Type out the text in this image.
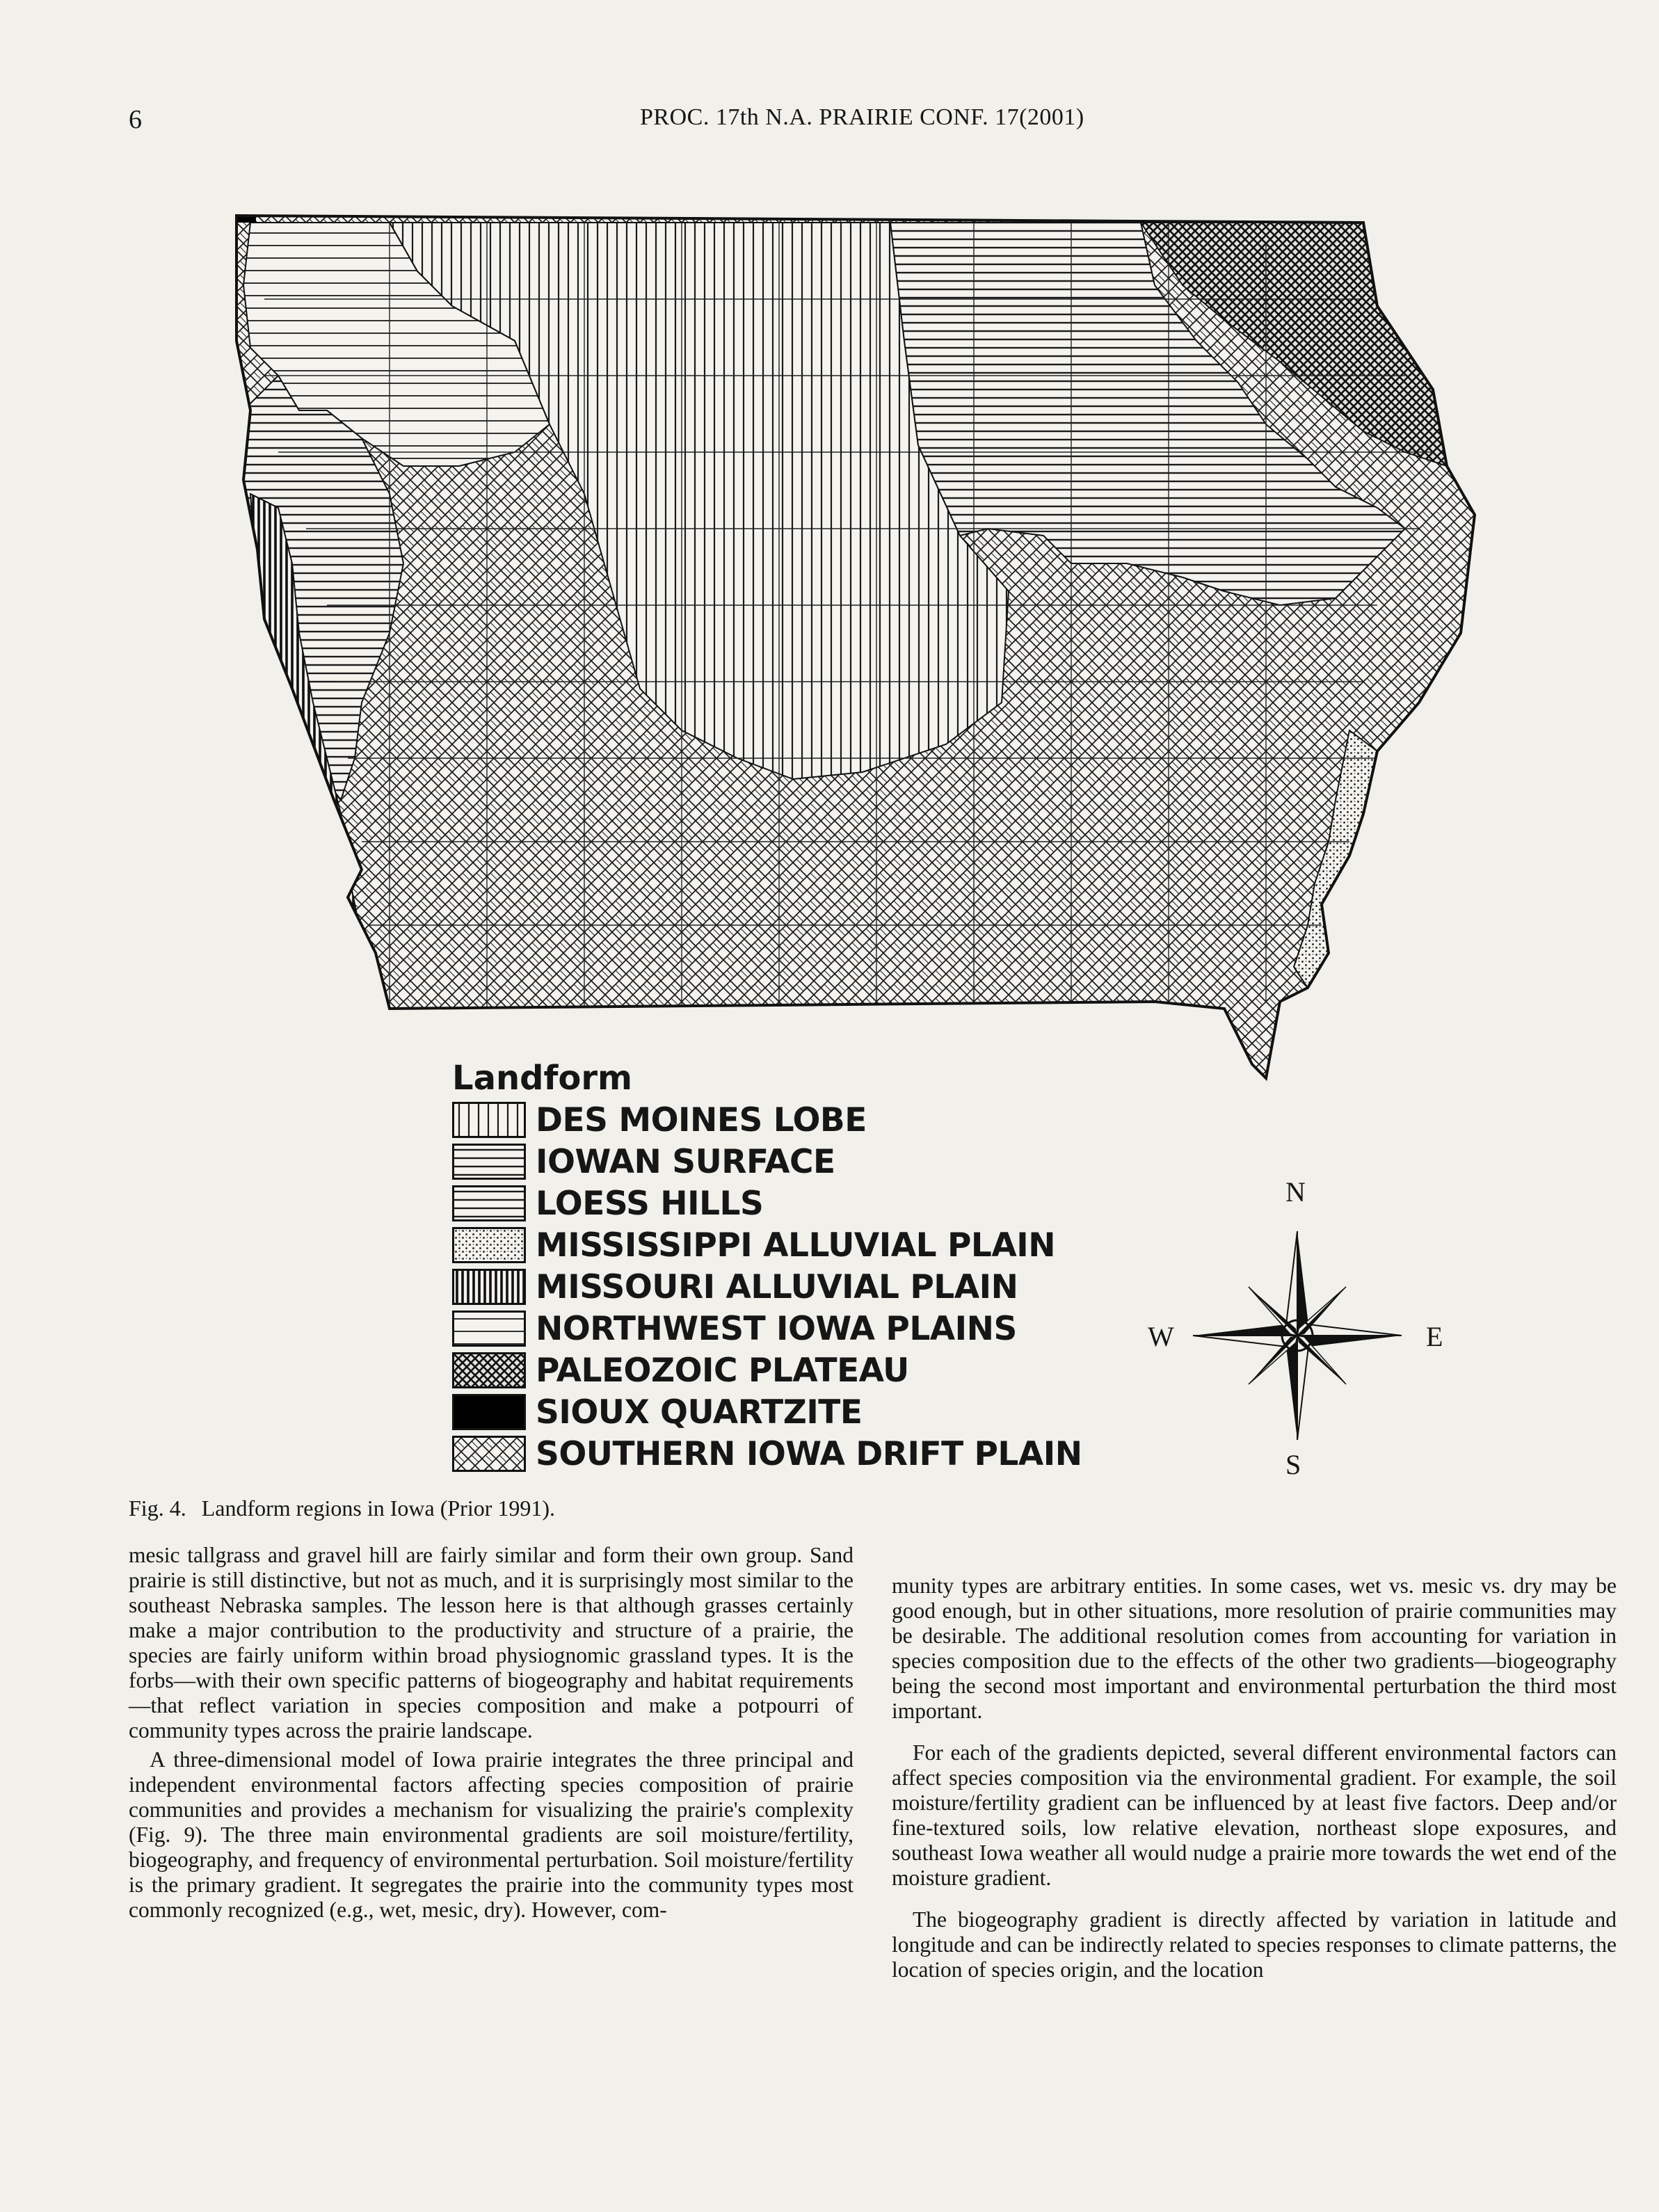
6	PROC. 17th N.A. PRAIRIE CONF. 17(2001)
Landform
DES MOINES LOBE
IOWAN SURFACE
LOESS HILLS
MISSISSIPPI ALLUVIAL PLAIN
MISSOURI ALLUVIAL PLAIN
NORTHWEST IOWA PLAINS
PALEOZOIC PLATEAU
SIOUX QUARTZITE
SOUTHERN IOWA DRIFT PLAIN
N
S
E
W
Fig. 4. Landform regions in Iowa (Prior 1991).

mesic tallgrass and gravel hill are fairly similar and form their own group. Sand prairie is still distinctive, but not as much, and it is surprisingly most similar to the southeast Nebraska samples. The lesson here is that although grasses certainly make a major contribution to the productivity and structure of a prairie, the species are fairly uniform within broad physiognomic grassland types. It is the forbs—with their own specific patterns of biogeography and habitat requirements—that reflect variation in species composition and make a potpourri of community types across the prairie landscape.

A three-dimensional model of Iowa prairie integrates the three principal and independent environmental factors affecting species composition of prairie communities and provides a mechanism for visualizing the prairie's complexity (Fig. 9). The three main environmental gradients are soil moisture/fertility, biogeography, and frequency of environmental perturbation. Soil moisture/fertility is the primary gradient. It segregates the prairie into the community types most commonly recognized (e.g., wet, mesic, dry). However, com-

munity types are arbitrary entities. In some cases, wet vs. mesic vs. dry may be good enough, but in other situations, more resolution of prairie communities may be desirable. The additional resolution comes from accounting for variation in species composition due to the effects of the other two gradients—biogeography being the second most important and environmental perturbation the third most important.

For each of the gradients depicted, several different environmental factors can affect species composition via the environmental gradient. For example, the soil moisture/fertility gradient can be influenced by at least five factors. Deep and/or fine-textured soils, low relative elevation, northeast slope exposures, and southeast Iowa weather all would nudge a prairie more towards the wet end of the moisture gradient.

The biogeography gradient is directly affected by variation in latitude and longitude and can be indirectly related to species responses to climate patterns, the location of species origin, and the location
